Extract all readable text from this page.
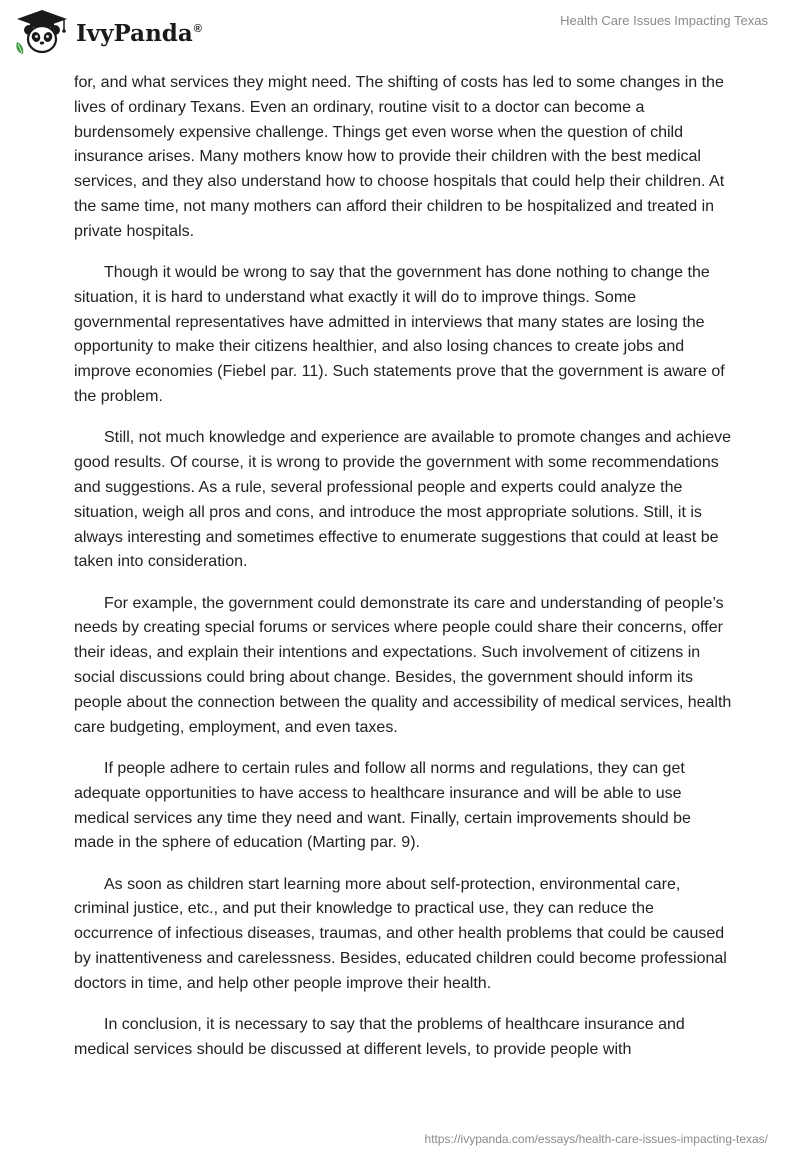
IvyPanda®
Health Care Issues Impacting Texas

for, and what services they might need. The shifting of costs has led to some changes in the lives of ordinary Texans. Even an ordinary, routine visit to a doctor can become a burdensomely expensive challenge. Things get even worse when the question of child insurance arises. Many mothers know how to provide their children with the best medical services, and they also understand how to choose hospitals that could help their children. At the same time, not many mothers can afford their children to be hospitalized and treated in private hospitals.

Though it would be wrong to say that the government has done nothing to change the situation, it is hard to understand what exactly it will do to improve things. Some governmental representatives have admitted in interviews that many states are losing the opportunity to make their citizens healthier, and also losing chances to create jobs and improve economies (Fiebel par. 11). Such statements prove that the government is aware of the problem.

Still, not much knowledge and experience are available to promote changes and achieve good results. Of course, it is wrong to provide the government with some recommendations and suggestions. As a rule, several professional people and experts could analyze the situation, weigh all pros and cons, and introduce the most appropriate solutions. Still, it is always interesting and sometimes effective to enumerate suggestions that could at least be taken into consideration.

For example, the government could demonstrate its care and understanding of people’s needs by creating special forums or services where people could share their concerns, offer their ideas, and explain their intentions and expectations. Such involvement of citizens in social discussions could bring about change. Besides, the government should inform its people about the connection between the quality and accessibility of medical services, health care budgeting, employment, and even taxes.

If people adhere to certain rules and follow all norms and regulations, they can get adequate opportunities to have access to healthcare insurance and will be able to use medical services any time they need and want. Finally, certain improvements should be made in the sphere of education (Marting par. 9).

As soon as children start learning more about self-protection, environmental care, criminal justice, etc., and put their knowledge to practical use, they can reduce the occurrence of infectious diseases, traumas, and other health problems that could be caused by inattentiveness and carelessness. Besides, educated children could become professional doctors in time, and help other people improve their health.

In conclusion, it is necessary to say that the problems of healthcare insurance and medical services should be discussed at different levels, to provide people with

https://ivypanda.com/essays/health-care-issues-impacting-texas/
